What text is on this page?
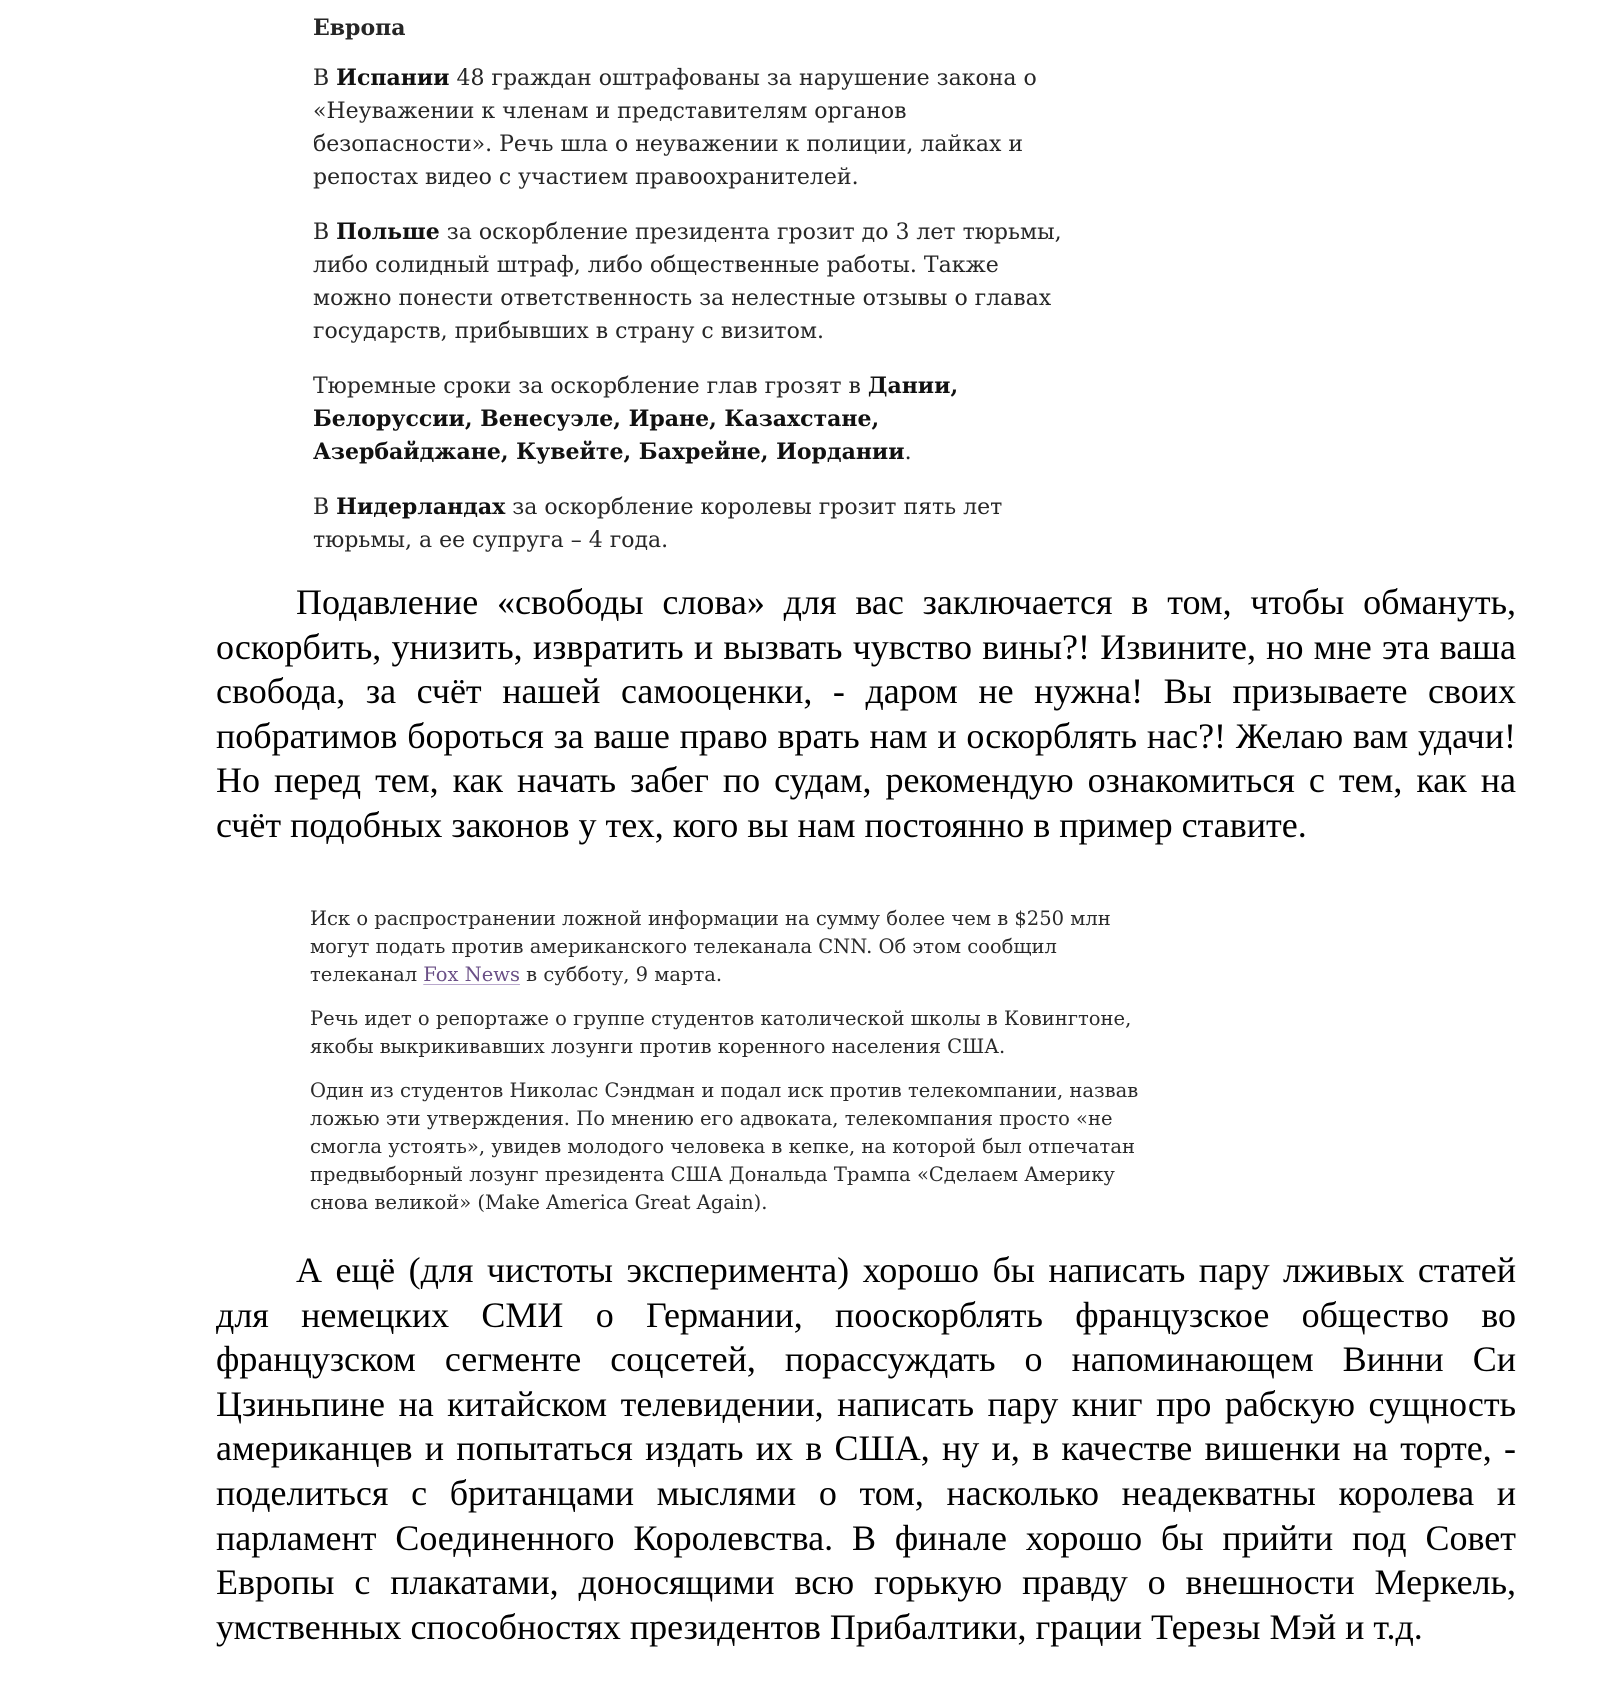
Европа

В Испании 48 граждан оштрафованы за нарушение закона о «Неуважении к членам и представителям органов безопасности». Речь шла о неуважении к полиции, лайках и репостах видео с участием правоохранителей.

В Польше за оскорбление президента грозит до 3 лет тюрьмы, либо солидный штраф, либо общественные работы. Также можно понести ответственность за нелестные отзывы о главах государств, прибывших в страну с визитом.

Тюремные сроки за оскорбление глав грозят в Дании, Белоруссии, Венесуэле, Иране, Казахстане, Азербайджане, Кувейте, Бахрейне, Иордании.

В Нидерландах за оскорбление королевы грозит пять лет тюрьмы, а ее супруга – 4 года.

Подавление «свободы слова» для вас заключается в том, чтобы обмануть, оскорбить, унизить, извратить и вызвать чувство вины?! Извините, но мне эта ваша свобода, за счёт нашей самооценки, - даром не нужна! Вы призываете своих побратимов бороться за ваше право врать нам и оскорблять нас?! Желаю вам удачи! Но перед тем, как начать забег по судам, рекомендую ознакомиться с тем, как на счёт подобных законов у тех, кого вы нам постоянно в пример ставите.

Иск о распространении ложной информации на сумму более чем в $250 млн могут подать против американского телеканала CNN. Об этом сообщил телеканал Fox News в субботу, 9 марта.

Речь идет о репортаже о группе студентов католической школы в Ковингтоне, якобы выкрикивавших лозунги против коренного населения США.

Один из студентов Николас Сэндман и подал иск против телекомпании, назвав ложью эти утверждения. По мнению его адвоката, телекомпания просто «не смогла устоять», увидев молодого человека в кепке, на которой был отпечатан предвыборный лозунг президента США Дональда Трампа «Сделаем Америку снова великой» (Make America Great Again).

А ещё (для чистоты эксперимента) хорошо бы написать пару лживых статей для немецких СМИ о Германии, пооскорблять французское общество во французском сегменте соцсетей, порассуждать о напоминающем Винни Си Цзиньпине на китайском телевидении, написать пару книг про рабскую сущность американцев и попытаться издать их в США, ну и, в качестве вишенки на торте, - поделиться с британцами мыслями о том, насколько неадекватны королева и парламент Соединенного Королевства. В финале хорошо бы прийти под Совет Европы с плакатами, доносящими всю горькую правду о внешности Меркель, умственных способностях президентов Прибалтики, грации Терезы Мэй и т.д.
